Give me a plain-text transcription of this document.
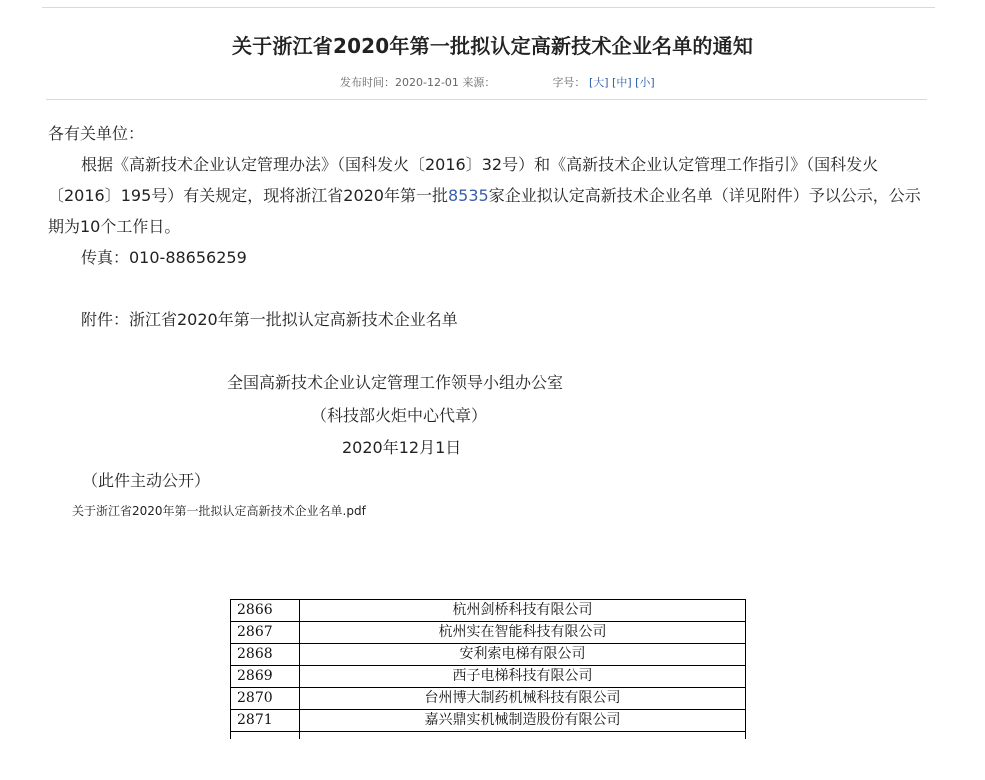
关于浙江省2020年第一批拟认定高新技术企业名单的通知
发布时间：2020-12-01 来源：	字号： [大] [中] [小]

各有关单位：

根据《高新技术企业认定管理办法》（国科发火〔2016〕32号）和《高新技术企业认定管理工作指引》（国科发火〔2016〕195号）有关规定，现将浙江省2020年第一批8535家企业拟认定高新技术企业名单（详见附件）予以公示，公示期为10个工作日。

传真：010-88656259

附件：浙江省2020年第一批拟认定高新技术企业名单

全国高新技术企业认定管理工作领导小组办公室
（科技部火炬中心代章）
2020年12月1日
（此件主动公开）
关于浙江省2020年第一批拟认定高新技术企业名单.pdf
2866	杭州剑桥科技有限公司
2867	杭州实在智能科技有限公司
2868	安利索电梯有限公司
2869	西子电梯科技有限公司
2870	台州博大制药机械科技有限公司
2871	嘉兴鼎实机械制造股份有限公司
